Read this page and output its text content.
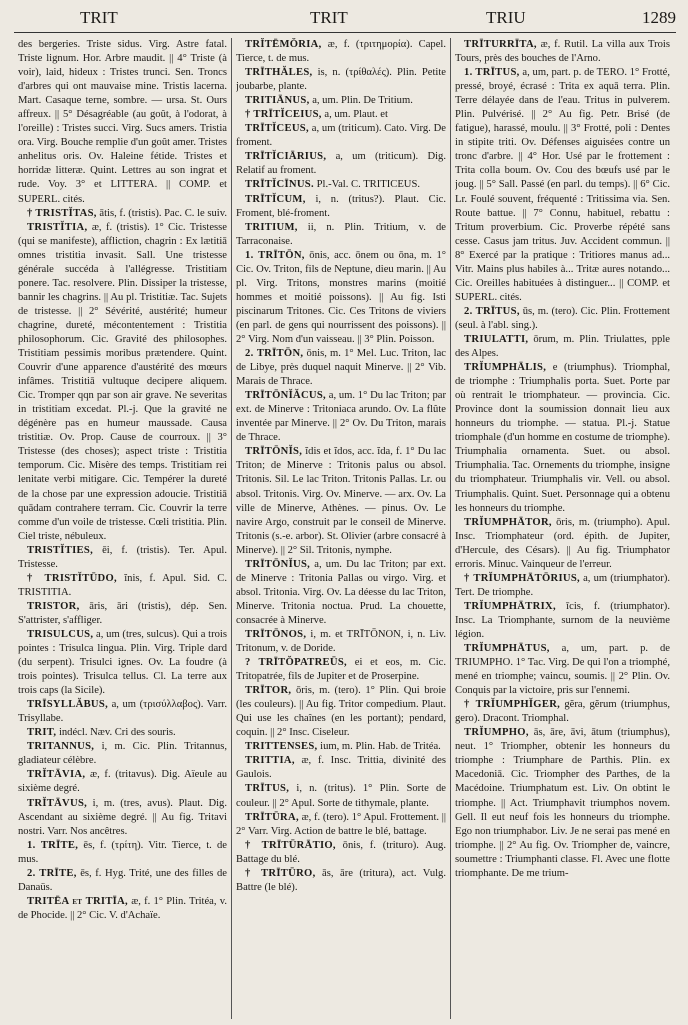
TRIT	TRIT	TRIU	1289

des bergeries. Triste sidus. Virg. Astre fatal. Triste lignum. Hor. Arbre maudit. || 4° Triste (à voir), laid, hideux : Tristes trunci. Sen. Troncs d'arbres qui ont mauvaise mine. Tristis lacerna. Mart. Casaque terne, sombre. — ursa. St. Ours affreux. || 5° Désagréable (au goût, à l'odorat, à l'oreille) : Tristes succi. Virg. Sucs amers. Tristia ora. Virg. Bouche remplie d'un goût amer. Tristes anhelitus oris. Ov. Haleine fétide. Tristes et horridæ litteræ. Quint. Lettres au son ingrat et rude. Voy. 3° et LITTERA. || COMP. et SUPERL. cités.

† TRISTĬTAS, ātis, f. (tristis). Pac. C. le suiv.

TRISTĬTIA, æ, f. (tristis). 1° Cic. Tristesse (qui se manifeste), affliction, chagrin : Ex lætitiā omnes tristitia invasit. Sall. Une tristesse générale succéda à l'allégresse. Tristitiam ponere. Tac. resolvere. Plin. Dissiper la tristesse, bannir les chagrins. || Au pl. Tristitiæ. Tac. Sujets de tristesse. || 2° Sévérité, austérité; humeur chagrine, dureté, mécontentement : Tristitia philosophorum. Cic. Gravité des philosophes. Tristitiam pessimis moribus prætendere. Quint. Couvrir d'une apparence d'austérité des mœurs infâmes. Tristitiā vultuque decipere aliquem. Cic. Tromper qqn par son air grave. Ne severitas in tristitiam excedat. Pl.-j. Que la gravité ne dégénère pas en humeur maussade. Causa tristitiæ. Ov. Prop. Cause de courroux. || 3° Tristesse (des choses); aspect triste : Tristitia temporum. Cic. Misère des temps. Tristitiam rei lenitate verbi mitigare. Cic. Tempérer la dureté de la chose par une expression adoucie. Tristitiā quādam contrahere terram. Cic. Couvrir la terre comme d'un voile de tristesse. Cœli tristitia. Plin. Ciel triste, nébuleux.

TRISTĬTIES, ēi, f. (tristis). Ter. Apul. Tristesse.

† TRISTĬTŪDO, ĭnis, f. Apul. Sid. C. TRISTITIA.

TRISTOR, āris, āri (tristis), dép. Sen. S'attrister, s'affliger.

TRISULCUS, a, um (tres, sulcus). Qui a trois pointes : Trisulca lingua. Plin. Virg. Triple dard (du serpent). Trisulci ignes. Ov. La foudre (à trois pointes). Trisulca tellus. Cl. La terre aux trois caps (la Sicile).

TRĪSYLLĂBUS, a, um (τρισύλλαβος). Varr. Trisyllabe.

TRIT, indécl. Næv. Cri des souris.

TRITANNUS, i, m. Cic. Plin. Tritannus, gladiateur célèbre.

TRĬTĀVIA, æ, f. (tritavus). Dig. Aïeule au sixième degré.

TRĬTĀVUS, i, m. (tres, avus). Plaut. Dig. Ascendant au sixième degré. || Au fig. Tritavi nostri. Varr. Nos ancêtres.

1. TRĪTE, ēs, f. (τρίτη). Vitr. Tierce, t. de mus.

2. TRĪTE, ēs, f. Hyg. Trité, une des filles de Danaüs.

TRITĒA et TRITĪA, æ, f. 1° Plin. Tritéa, v. de Phocide. || 2° Cic. V. d'Achaïe.

TRĬTĒMŎRIA, æ, f. (τριτημορία). Capel. Tierce, t. de mus.

TRĪTHĂLES, is, n. (τρίθαλές). Plin. Petite joubarbe, plante.

TRITIĀNUS, a, um. Plin. De Tritium.

† TRĪTĬCEIUS, a, um. Plaut. et

TRĪTĬCEUS, a, um (triticum). Cato. Virg. De froment.

TRĪTĬCIĀRIUS, a, um (triticum). Dig. Relatif au froment.

TRĪTĬCĪNUS. Pl.-Val. C. TRITICEUS.

TRĪTĬCUM, i, n. (tritus?). Plaut. Cic. Froment, blé-froment.

TRITIUM, ii, n. Plin. Tritium, v. de Tarraconaise.

1. TRĪTŌN, ōnis, acc. ōnem ou ōna, m. 1° Cic. Ov. Triton, fils de Neptune, dieu marin. || Au pl. Virg. Tritons, monstres marins (moitié hommes et moitié poissons). || Au fig. Isti piscinarum Tritones. Cic. Ces Tritons de viviers (en parl. de gens qui nourrissent des poissons). || 2° Virg. Nom d'un vaisseau. || 3° Plin. Poisson.

2. TRĪTŌN, ōnis, m. 1° Mel. Luc. Triton, lac de Libye, près duquel naquit Minerve. || 2° Vib. Marais de Thrace.

TRĪTŌNĬĂCUS, a, um. 1° Du lac Triton; par ext. de Minerve : Tritoniaca arundo. Ov. La flûte inventée par Minerve. || 2° Ov. Du Triton, marais de Thrace.

TRĪTŌNĬS, ĭdis et ĭdos, acc. ĭda, f. 1° Du lac Triton; de Minerve : Tritonis palus ou absol. Tritonis. Sil. Le lac Triton. Tritonis Pallas. Lr. ou absol. Tritonis. Virg. Ov. Minerve. — arx. Ov. La ville de Minerve, Athènes. — pinus. Ov. Le navire Argo, construit par le conseil de Minerve. Tritonis (s.-e. arbor). St. Olivier (arbre consacré à Minerve). || 2° Sil. Tritonis, nymphe.

TRĪTŌNĬUS, a, um. Du lac Triton; par ext. de Minerve : Tritonia Pallas ou virgo. Virg. et absol. Tritonia. Virg. Ov. La déesse du lac Triton, Minerve. Tritonia noctua. Prud. La chouette, consacrée à Minerve.

TRĪTŌNOS, i, m. et TRĪTŌNON, i, n. Liv. Tritonum, v. de Doride.

? TRĪTŎPATREŪS, ei et eos, m. Cic. Tritopatrée, fils de Jupiter et de Proserpine.

TRĪTOR, ōris, m. (tero). 1° Plin. Qui broie (les couleurs). || Au fig. Tritor compedium. Plaut. Qui use les chaînes (en les portant); pendard, coquin. || 2° Insc. Ciseleur.

TRITTENSES, ium, m. Plin. Hab. de Tritéa.

TRITTIA, æ, f. Insc. Trittia, divinité des Gaulois.

TRĪTUS, i, n. (tritus). 1° Plin. Sorte de couleur. || 2° Apul. Sorte de tithymale, plante.

TRĪTŪRA, æ, f. (tero). 1° Apul. Frottement. || 2° Varr. Virg. Action de battre le blé, battage.

† TRĪTŪRĀTIO, ōnis, f. (trituro). Aug. Battage du blé.

† TRĪTŪRO, ās, āre (tritura), act. Vulg. Battre (le blé).

TRĪTURRĪTA, æ, f. Rutil. La villa aux Trois Tours, près des bouches de l'Arno.

1. TRĪTUS, a, um, part. p. de TERO. 1° Frotté, pressé, broyé, écrasé : Trita ex aquā terra. Plin. Terre délayée dans de l'eau. Tritus in pulverem. Plin. Pulvérisé. || 2° Au fig. Petr. Brisé (de fatigue), harassé, moulu. || 3° Frotté, poli : Dentes in stipite triti. Ov. Défenses aiguisées contre un tronc d'arbre. || 4° Hor. Usé par le frottement : Trita colla boum. Ov. Cou des bœufs usé par le joug. || 5° Sall. Passé (en parl. du temps). || 6° Cic. Lr. Foulé souvent, fréquenté : Tritissima via. Sen. Route battue. || 7° Connu, habituel, rebattu : Tritum proverbium. Cic. Proverbe répété sans cesse. Casus jam tritus. Juv. Accident commun. || 8° Exercé par la pratique : Tritiores manus ad... Vitr. Mains plus habiles à... Tritæ aures notando... Cic. Oreilles habituées à distinguer... || COMP. et SUPERL. cités.

2. TRĪTUS, ūs, m. (tero). Cic. Plin. Frottement (seul. à l'abl. sing.).

TRIULATTI, ōrum, m. Plin. Triulattes, pple des Alpes.

TRĬUMPHĀLIS, e (triumphus). Triomphal, de triomphe : Triumphalis porta. Suet. Porte par où rentrait le triomphateur. — provincia. Cic. Province dont la soumission donnait lieu aux honneurs du triomphe. — statua. Pl.-j. Statue triomphale (d'un homme en costume de triomphe). Triumphalia ornamenta. Suet. ou absol. Triumphalia. Tac. Ornements du triomphe, insigne du triomphateur. Triumphalis vir. Vell. ou absol. Triumphalis. Quint. Suet. Personnage qui a obtenu les honneurs du triomphe.

TRĬUMPHĀTOR, ōris, m. (triumpho). Apul. Insc. Triomphateur (ord. épith. de Jupiter, d'Hercule, des Césars). || Au fig. Triumphator erroris. Minuc. Vainqueur de l'erreur.

† TRĬUMPHĀTŌRIUS, a, um (triumphator). Tert. De triomphe.

TRĬUMPHĀTRIX, īcis, f. (triumphator). Insc. La Triomphante, surnom de la neuvième légion.

TRĬUMPHĀTUS, a, um, part. p. de TRIUMPHO. 1° Tac. Virg. De qui l'on a triomphé, mené en triomphe; vaincu, soumis. || 2° Plin. Ov. Conquis par la victoire, pris sur l'ennemi.

† TRĬUMPHĬGER, gĕra, gĕrum (triumphus, gero). Dracont. Triomphal.

TRĬUMPHO, ās, āre, āvi, ātum (triumphus), neut. 1° Triompher, obtenir les honneurs du triomphe : Triumphare de Parthis. Plin. ex Macedoniā. Cic. Triompher des Parthes, de la Macédoine. Triumphatum est. Liv. On obtint le triomphe. || Act. Triumphavit triumphos novem. Gell. Il eut neuf fois les honneurs du triomphe. Ego non triumphabor. Liv. Je ne serai pas mené en triomphe. || 2° Au fig. Ov. Triompher de, vaincre, soumettre : Triumphanti classe. Fl. Avec une flotte triomphante. De me trium-
